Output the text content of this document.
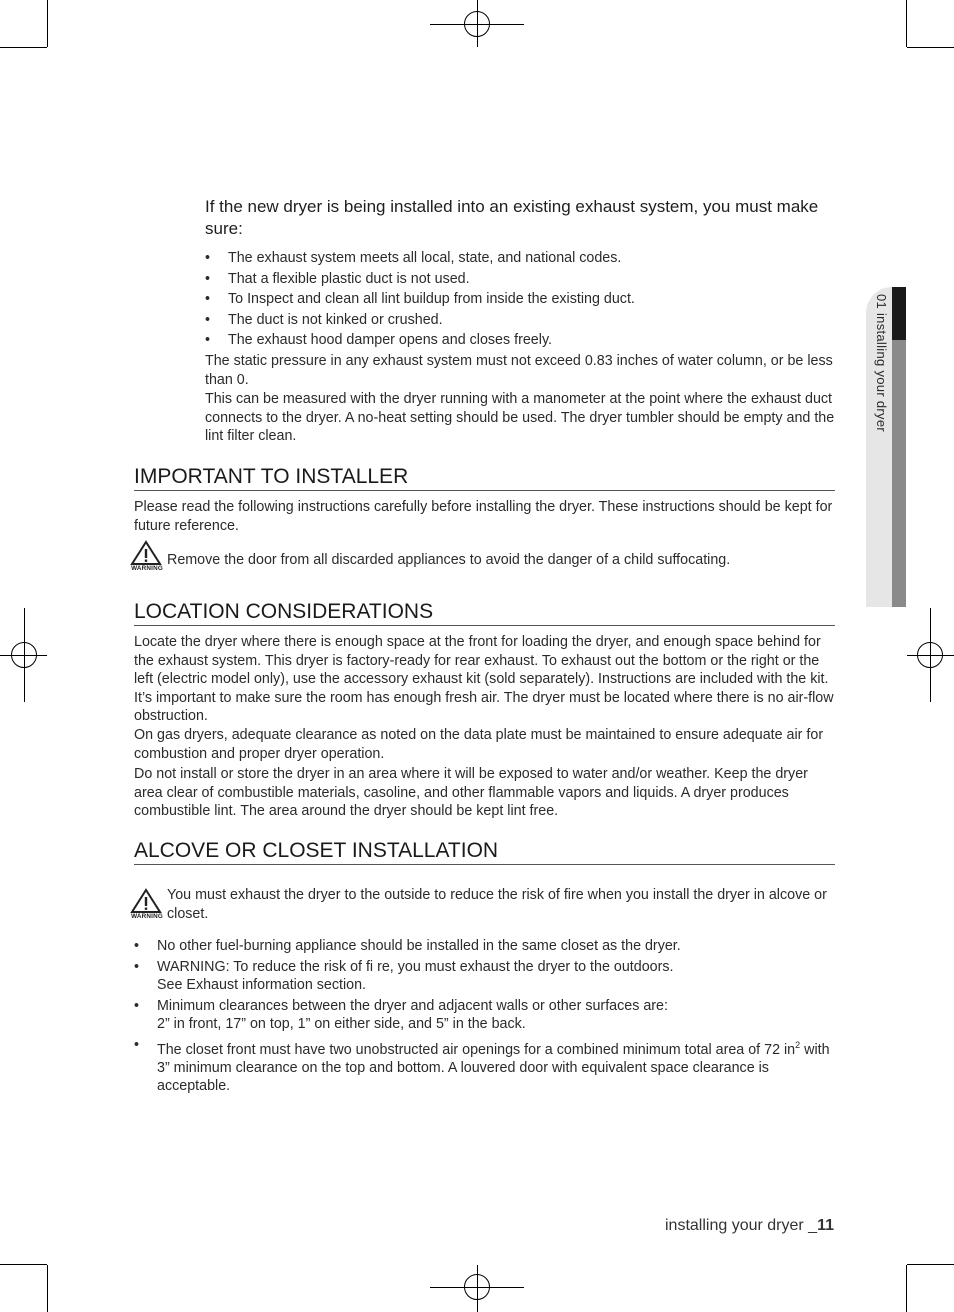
01 installing your dryer
If the new dryer is being installed into an existing exhaust system, you must make sure:
• The exhaust system meets all local, state, and national codes.
• That a flexible plastic duct is not used.
• To Inspect and clean all lint buildup from inside the existing duct.
• The duct is not kinked or crushed.
• The exhaust hood damper opens and closes freely.

The static pressure in any exhaust system must not exceed 0.83 inches of water column, or be less than 0.

This can be measured with the dryer running with a manometer at the point where the exhaust duct connects to the dryer. A no-heat setting should be used. The dryer tumbler should be empty and the lint filter clean.

IMPORTANT TO INSTALLER

Please read the following instructions carefully before installing the dryer. These instructions should be kept for future reference.

WARNING

Remove the door from all discarded appliances to avoid the danger of a child suffocating.

LOCATION CONSIDERATIONS

Locate the dryer where there is enough space at the front for loading the dryer, and enough space behind for the exhaust system. This dryer is factory-ready for rear exhaust. To exhaust out the bottom or the right or the left (electric model only), use the accessory exhaust kit (sold separately). Instructions are included with the kit. It’s important to make sure the room has enough fresh air. The dryer must be located where there is no air-flow obstruction.

On gas dryers, adequate clearance as noted on the data plate must be maintained to ensure adequate air for combustion and proper dryer operation.

Do not install or store the dryer in an area where it will be exposed to water and/or weather. Keep the dryer area clear of combustible materials, casoline, and other flammable vapors and liquids. A dryer produces combustible lint. The area around the dryer should be kept lint free.

ALCOVE OR CLOSET INSTALLATION
WARNING

You must exhaust the dryer to the outside to reduce the risk of fire when you install the dryer in alcove or closet.

• No other fuel-burning appliance should be installed in the same closet as the dryer.
• WARNING: To reduce the risk of fi re, you must exhaust the dryer to the outdoors.
See Exhaust information section.
• Minimum clearances between the dryer and adjacent walls or other surfaces are:
2” in front, 17” on top, 1” on either side, and 5” in the back.
• The closet front must have two unobstructed air openings for a combined minimum total area of 72 $in^2$ with 3” minimum clearance on the top and bottom. A louvered door with equivalent space clearance is acceptable.
installing your dryer _11
